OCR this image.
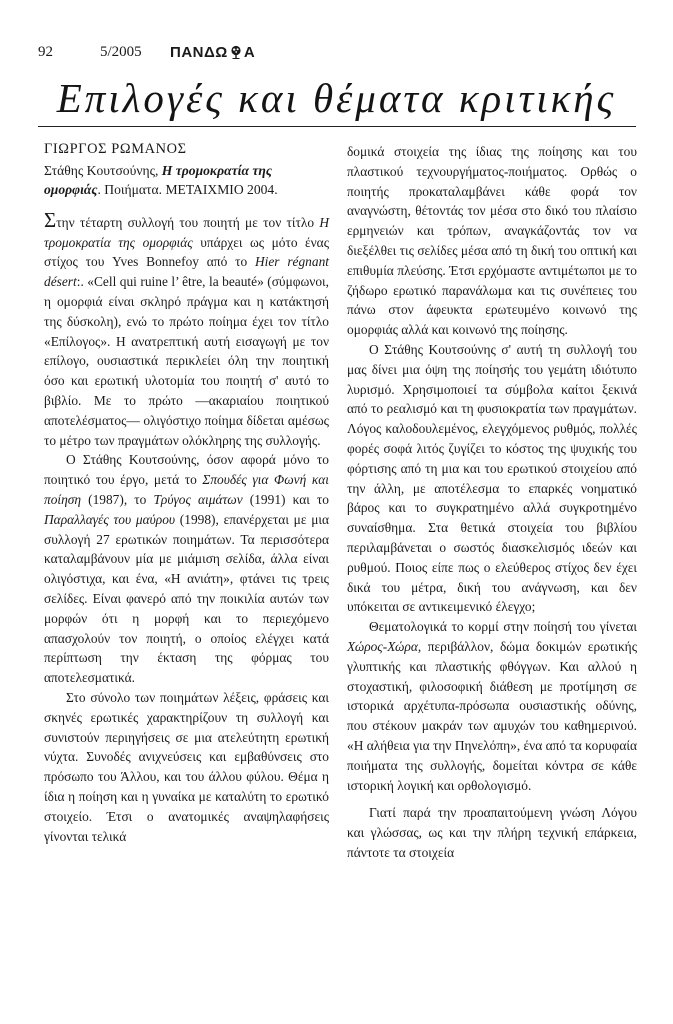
92	5/2005	ΠΑΝΔΩ Α
Επιλογές και θέματα κριτικής
ΓΙΩΡΓΟΣ ΡΩΜΑΝΟΣ
Στάθης Κουτσούνης, Η τρομοκρατία της ομορφιάς. Ποιήματα. ΜΕΤΑΙΧΜΙΟ 2004.

Στην τέταρτη συλλογή του ποιητή με τον τίτλο Η τρομοκρατία της ομορφιάς υπάρχει ως μότο ένας στίχος του Yves Bonnefoy από το Hier régnant désert:. «Cell qui ruine l’ être, la beauté» (σύμφωνοι, η ομορφιά είναι σκληρό πράγμα και η κατάκτησή της δύσκολη), ενώ το πρώτο ποίημα έχει τον τίτλο «Επίλογος». Η ανατρεπτική αυτή εισαγωγή με τον επίλογο, ουσιαστικά περικλείει όλη την ποιητική όσο και ερωτική υλοτομία του ποιητή σ' αυτό το βιβλίο. Με το πρώτο —ακαριαίου ποιητικού αποτελέσματος— ολιγόστιχο ποίημα δίδεται αμέσως το μέτρο των πραγμάτων ολόκληρης της συλλογής.

Ο Στάθης Κουτσούνης, όσον αφορά μόνο το ποιητικό του έργο, μετά το Σπουδές για Φωνή και ποίηση (1987), το Τρύγος αιμάτων (1991) και το Παραλλαγές του μαύρου (1998), επανέρχεται με μια συλλογή 27 ερωτικών ποιημάτων. Τα περισσότερα καταλαμβάνουν μία με μιάμιση σελίδα, άλλα είναι ολιγόστιχα, και ένα, «Η ανιάτη», φτάνει τις τρεις σελίδες. Είναι φανερό από την ποικιλία αυτών των μορφών ότι η μορφή και το περιεχόμενο απασχολούν τον ποιητή, ο οποίος ελέγχει κατά περίπτωση την έκταση της φόρμας του αποτελεσματικά.

Στο σύνολο των ποιημάτων λέξεις, φράσεις και σκηνές ερωτικές χαρακτηρίζουν τη συλλογή και συνιστούν περιηγήσεις σε μια ατελεύτητη ερωτική νύχτα. Συνοδές ανιχνεύσεις και εμβαθύνσεις στο πρόσωπο του Άλλου, και του άλλου φύλου. Θέμα η ίδια η ποίηση και η γυναίκα με καταλύτη το ερωτικό στοιχείο. Έτσι ο ανατομικές αναψηλαφήσεις γίνονται τελικά

δομικά στοιχεία της ίδιας της ποίησης και του πλαστικού τεχνουργήματος-ποιήματος. Ορθώς ο ποιητής προκαταλαμβάνει κάθε φορά τον αναγνώστη, θέτοντάς τον μέσα στο δικό του πλαίσιο ερμηνειών και τρόπων, αναγκάζοντάς τον να διεξέλθει τις σελίδες μέσα από τη δική του οπτική και επιθυμία πλεύσης. Έτσι ερχόμαστε αντιμέτωποι με το ζήδωρο ερωτικό παρανάλωμα και τις συνέπειες του πάνω στον άφευκτα ερωτευμένο κοινωνό της ομορφιάς αλλά και κοινωνό της ποίησης.

Ο Στάθης Κουτσούνης σ' αυτή τη συλλογή του μας δίνει μια όψη της ποίησής του γεμάτη ιδιότυπο λυρισμό. Χρησιμοποιεί τα σύμβολα καίτοι ξεκινά από το ρεαλισμό και τη φυσιοκρατία των πραγμάτων. Λόγος καλοδουλεμένος, ελεγχόμενος ρυθμός, πολλές φορές σοφά λιτός ζυγίζει το κόστος της ψυχικής του φόρτισης από τη μια και του ερωτικού στοιχείου από την άλλη, με αποτέλεσμα το επαρκές νοηματικό βάρος και το συγκρατημένο αλλά συγκροτημένο συναίσθημα. Στα θετικά στοιχεία του βιβλίου περιλαμβάνεται ο σωστός διασκελισμός ιδεών και ρυθμού. Ποιος είπε πως ο ελεύθερος στίχος δεν έχει δικά του μέτρα, δική του ανάγνωση, και δεν υπόκειται σε αντικειμενικό έλεγχο;

Θεματολογικά το κορμί στην ποίησή του γίνεται Χώρος-Χώρα, περιβάλλον, δώμα δοκιμών ερωτικής γλυπτικής και πλαστικής φθόγγων. Και αλλού η στοχαστική, φιλοσοφική διάθεση με προτίμηση σε ιστορικά αρχέτυπα-πρόσωπα ουσιαστικής οδύνης, που στέκουν μακράν των αμυχών του καθημερινού. «Η αλήθεια για την Πηνελόπη», ένα από τα κορυφαία ποιήματα της συλλογής, δομείται κόντρα σε κάθε ιστορική λογική και ορθολογισμό.

Γιατί παρά την προαπαιτούμενη γνώση Λόγου και γλώσσας, ως και την πλήρη τεχνική επάρκεια, πάντοτε τα στοιχεία
